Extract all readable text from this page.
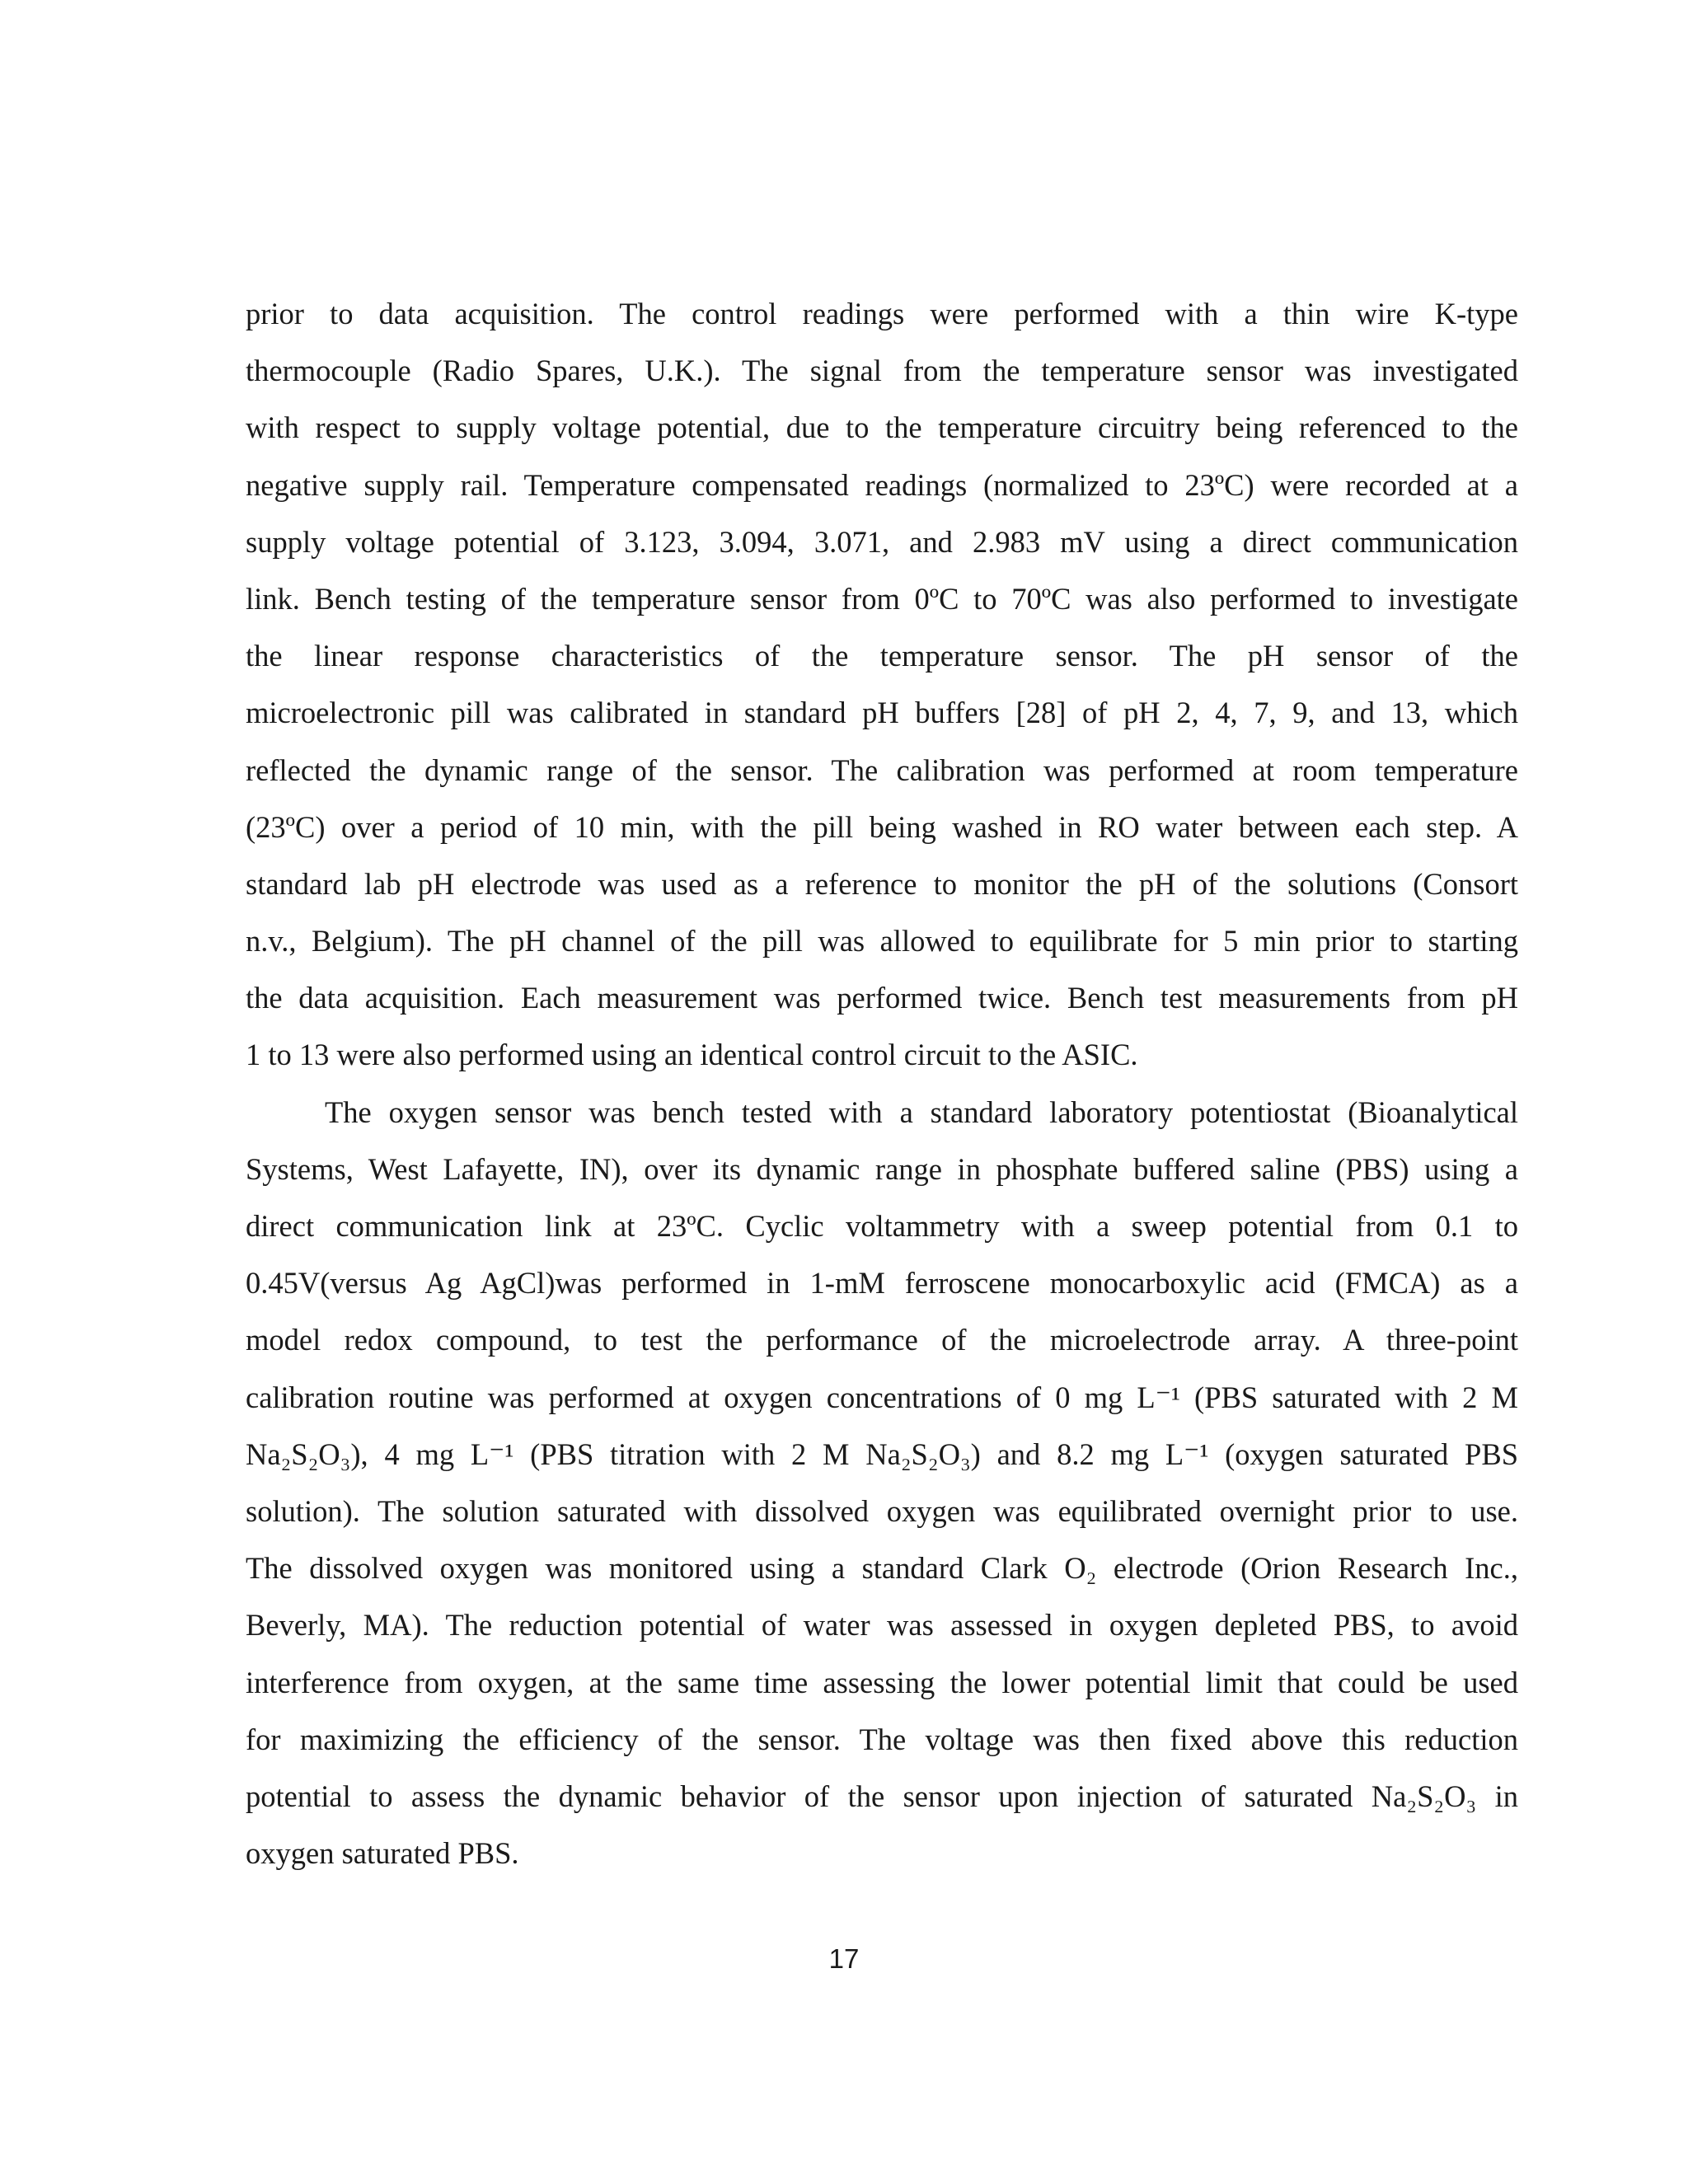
prior to data acquisition. The control readings were performed with a thin wire K-type
thermocouple (Radio Spares, U.K.). The signal from the temperature sensor was investigated
with respect to supply voltage potential, due to the temperature circuitry being referenced to the
negative supply rail. Temperature compensated readings (normalized to 23ºC) were recorded at a
supply voltage potential of 3.123, 3.094, 3.071, and 2.983 mV using a direct communication
link. Bench testing of the temperature sensor from 0ºC to 70ºC was also performed to investigate
the linear response characteristics of the temperature sensor. The pH sensor of the
microelectronic pill was calibrated in standard pH buffers [28] of pH 2, 4, 7, 9, and 13, which
reflected the dynamic range of the sensor. The calibration was performed at room temperature
(23ºC) over a period of 10 min, with the pill being washed in RO water between each step. A
standard lab pH electrode was used as a reference to monitor the pH of the solutions (Consort
n.v., Belgium). The pH channel of the pill was allowed to equilibrate for 5 min prior to starting
the data acquisition. Each measurement was performed twice. Bench test measurements from pH
1 to 13 were also performed using an identical control circuit to the ASIC.
The oxygen sensor was bench tested with a standard laboratory potentiostat (Bioanalytical
Systems, West Lafayette, IN), over its dynamic range in phosphate buffered saline (PBS) using a
direct communication link at 23ºC. Cyclic voltammetry with a sweep potential from 0.1 to
0.45V(versus Ag AgCl)was performed in 1-mM ferroscene monocarboxylic acid (FMCA) as a
model redox compound, to test the performance of the microelectrode array. A three-point
calibration routine was performed at oxygen concentrations of 0 mg L⁻¹ (PBS saturated with 2 M
Na₂S₂O₃), 4 mg L⁻¹ (PBS titration with 2 M Na₂S₂O₃) and 8.2 mg L⁻¹ (oxygen saturated PBS
solution). The solution saturated with dissolved oxygen was equilibrated overnight prior to use.
The dissolved oxygen was monitored using a standard Clark O₂ electrode (Orion Research Inc.,
Beverly, MA). The reduction potential of water was assessed in oxygen depleted PBS, to avoid
interference from oxygen, at the same time assessing the lower potential limit that could be used
for maximizing the efficiency of the sensor. The voltage was then fixed above this reduction
potential to assess the dynamic behavior of the sensor upon injection of saturated Na₂S₂O₃ in
oxygen saturated PBS.
17
